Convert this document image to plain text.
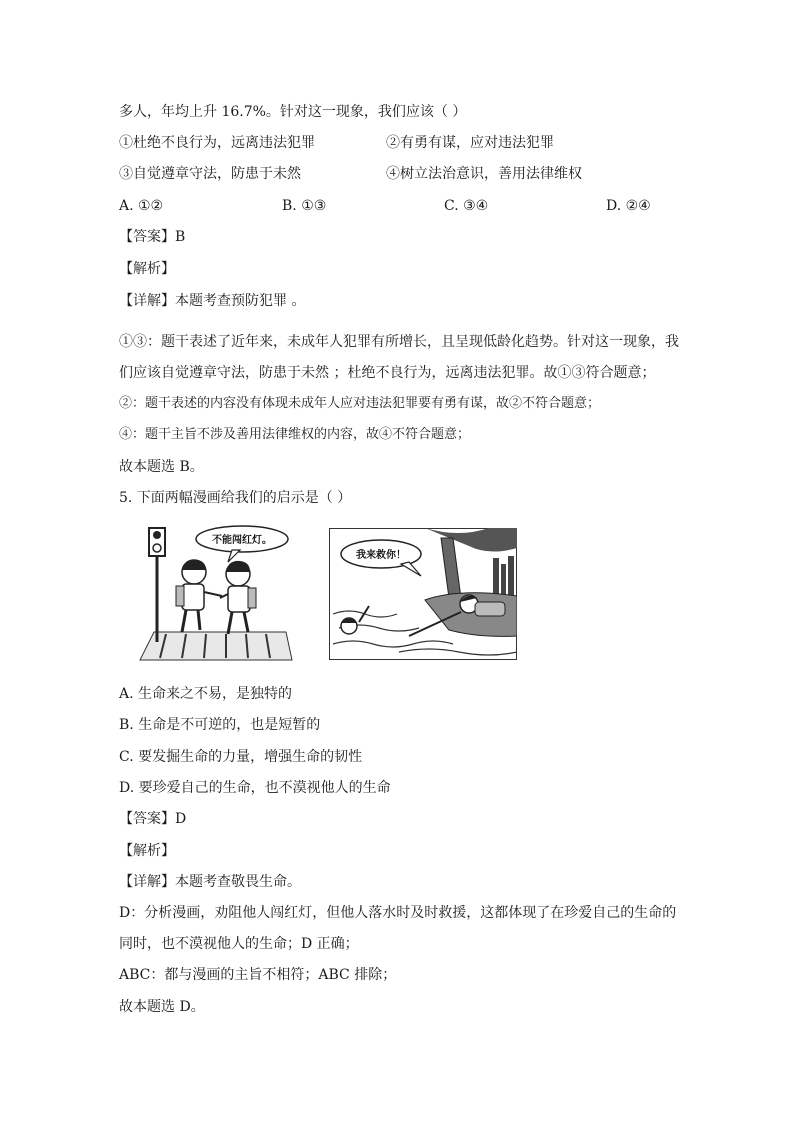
多人，年均上升 16.7%。针对这一现象，我们应该（ ）
①杜绝不良行为，远离违法犯罪	②有勇有谋，应对违法犯罪
③自觉遵章守法，防患于未然	④树立法治意识，善用法律维权
A. ①②	B. ①③	C. ③④	D. ②④
【答案】B
【解析】
【详解】本题考查预防犯罪 。
①③：题干表述了近年来，未成年人犯罪有所增长，且呈现低龄化趋势。针对这一现象，我
们应该自觉遵章守法，防患于未然 ；杜绝不良行为，远离违法犯罪。故①③符合题意；
②：题干表述的内容没有体现未成年人应对违法犯罪要有勇有谋，故②不符合题意；
④：题干主旨不涉及善用法律维权的内容，故④不符合题意；
故本题选 B。
5. 下面两幅漫画给我们的启示是（ ）
不能闯红灯。
我来救你！
A. 生命来之不易，是独特的
B. 生命是不可逆的，也是短暂的
C. 要发掘生命的力量，增强生命的韧性
D. 要珍爱自己的生命，也不漠视他人的生命
【答案】D
【解析】
【详解】本题考查敬畏生命。
D：分析漫画，劝阻他人闯红灯，但他人落水时及时救援，这都体现了在珍爱自己的生命的
同时，也不漠视他人的生命；D 正确；
ABC：都与漫画的主旨不相符；ABC 排除；
故本题选 D。
